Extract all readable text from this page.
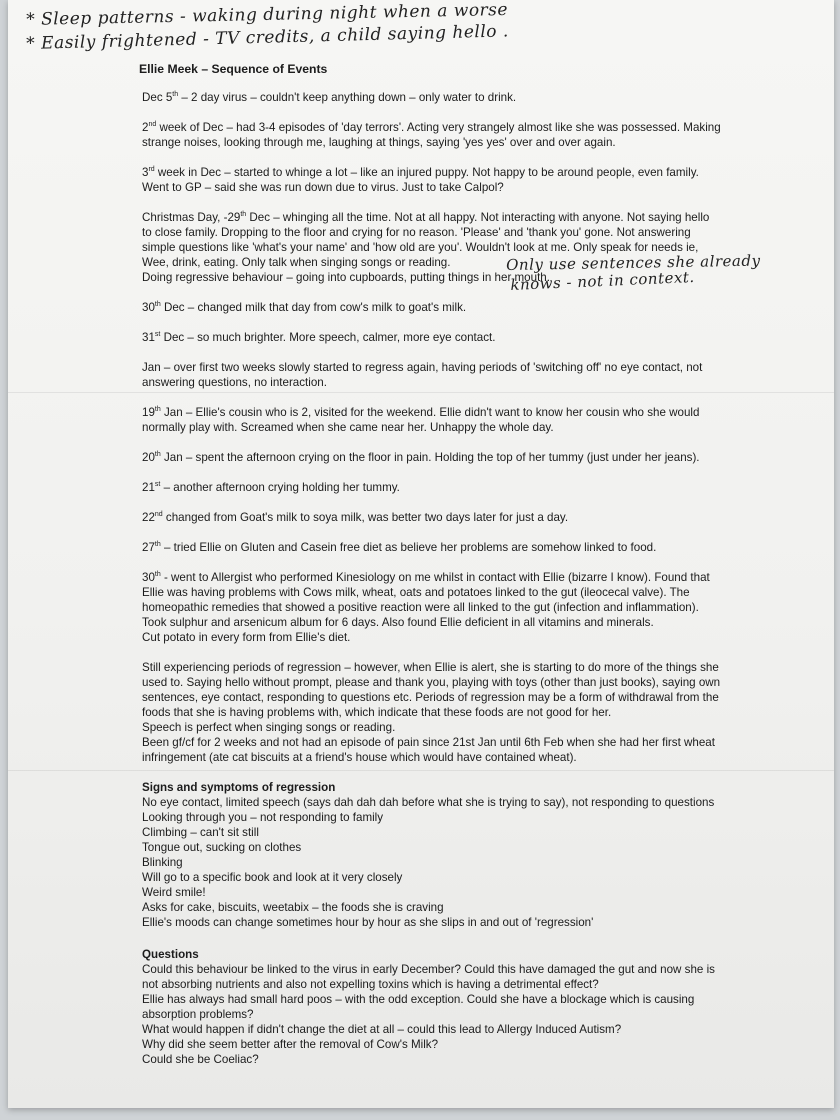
* Sleep patterns - waking during night when a worse
* Easily frightened - TV credits, a child saying hello .
Only use sentences she already
knows - not in context.
Ellie Meek – Sequence of Events

Dec 5th – 2 day virus – couldn't keep anything down – only water to drink.

2nd week of Dec – had 3-4 episodes of 'day terrors'. Acting very strangely almost like she was possessed. Making
strange noises, looking through me, laughing at things, saying 'yes yes' over and over again.

3rd week in Dec – started to whinge a lot – like an injured puppy. Not happy to be around people, even family.
Went to GP – said she was run down due to virus. Just to take Calpol?

Christmas Day, -29th Dec – whinging all the time. Not at all happy. Not interacting with anyone. Not saying hello
to close family. Dropping to the floor and crying for no reason. 'Please' and 'thank you' gone. Not answering
simple questions like 'what's your name' and 'how old are you'. Wouldn't look at me. Only speak for needs ie,
Wee, drink, eating. Only talk when singing songs or reading.
Doing regressive behaviour – going into cupboards, putting things in her mouth.

30th Dec – changed milk that day from cow's milk to goat's milk.

31st Dec – so much brighter. More speech, calmer, more eye contact.

Jan – over first two weeks slowly started to regress again, having periods of 'switching off' no eye contact, not
answering questions, no interaction.

19th Jan – Ellie's cousin who is 2, visited for the weekend. Ellie didn't want to know her cousin who she would
normally play with. Screamed when she came near her. Unhappy the whole day.

20th Jan – spent the afternoon crying on the floor in pain. Holding the top of her tummy (just under her jeans).

21st – another afternoon crying holding her tummy.

22nd changed from Goat's milk to soya milk, was better two days later for just a day.

27th – tried Ellie on Gluten and Casein free diet as believe her problems are somehow linked to food.

30th - went to Allergist who performed Kinesiology on me whilst in contact with Ellie (bizarre I know). Found that
Ellie was having problems with Cows milk, wheat, oats and potatoes linked to the gut (ileocecal valve). The
homeopathic remedies that showed a positive reaction were all linked to the gut (infection and inflammation).
Took sulphur and arsenicum album for 6 days. Also found Ellie deficient in all vitamins and minerals.
Cut potato in every form from Ellie's diet.

Still experiencing periods of regression – however, when Ellie is alert, she is starting to do more of the things she
used to. Saying hello without prompt, please and thank you, playing with toys (other than just books), saying own
sentences, eye contact, responding to questions etc. Periods of regression may be a form of withdrawal from the
foods that she is having problems with, which indicate that these foods are not good for her.
Speech is perfect when singing songs or reading.
Been gf/cf for 2 weeks and not had an episode of pain since 21st Jan until 6th Feb when she had her first wheat
infringement (ate cat biscuits at a friend's house which would have contained wheat).

Signs and symptoms of regression
No eye contact, limited speech (says dah dah dah before what she is trying to say), not responding to questions
Looking through you – not responding to family
Climbing – can't sit still
Tongue out, sucking on clothes
Blinking
Will go to a specific book and look at it very closely
Weird smile!
Asks for cake, biscuits, weetabix – the foods she is craving
Ellie's moods can change sometimes hour by hour as she slips in and out of 'regression'
Questions
Could this behaviour be linked to the virus in early December? Could this have damaged the gut and now she is
not absorbing nutrients and also not expelling toxins which is having a detrimental effect?
Ellie has always had small hard poos – with the odd exception. Could she have a blockage which is causing
absorption problems?
What would happen if didn't change the diet at all – could this lead to Allergy Induced Autism?
Why did she seem better after the removal of Cow's Milk?
Could she be Coeliac?
